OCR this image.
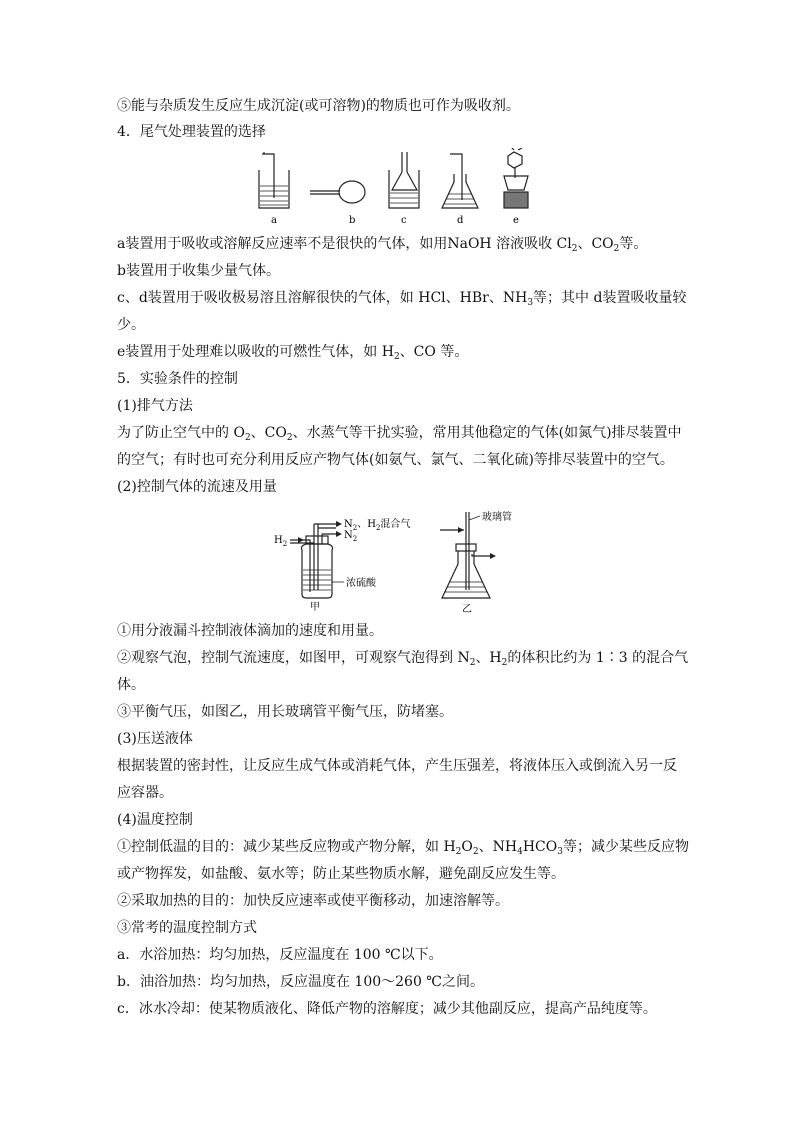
⑤能与杂质发生反应生成沉淀(或可溶物)的物质也可作为吸收剂。
4．尾气处理装置的选择
a	b	c	d	e
a装置用于吸收或溶解反应速率不是很快的气体，如用NaOH 溶液吸收 $Cl_2$、$CO_2$等。
b装置用于收集少量气体。
c、d装置用于吸收极易溶且溶解很快的气体，如 HCl、HBr、$NH_3$等；其中 d装置吸收量较
少。
e装置用于处理难以吸收的可燃性气体，如 $H_2$、CO 等。
5．实验条件的控制
(1)排气方法
为了防止空气中的 $O_2$、$CO_2$、水蒸气等干扰实验，常用其他稳定的气体(如氮气)排尽装置中
的空气；有时也可充分利用反应产物气体(如氨气、氯气、二氧化硫)等排尽装置中的空气。
(2)控制气体的流速及用量
$H_2$
$N_2$、$H_2$混合气
$N_2$
浓硫酸
甲
玻璃管
乙
①用分液漏斗控制液体滴加的速度和用量。
②观察气泡，控制气流速度，如图甲，可观察气泡得到 $N_2$、$H_2$的体积比约为 1∶3 的混合气
体。
③平衡气压，如图乙，用长玻璃管平衡气压，防堵塞。
(3)压送液体
根据装置的密封性，让反应生成气体或消耗气体，产生压强差，将液体压入或倒流入另一反
应容器。
(4)温度控制
①控制低温的目的：减少某些反应物或产物分解，如 $H_2O_2$、$NH_4HCO_3$等；减少某些反应物
或产物挥发，如盐酸、氨水等；防止某些物质水解，避免副反应发生等。
②采取加热的目的：加快反应速率或使平衡移动，加速溶解等。
③常考的温度控制方式
a．水浴加热：均匀加热，反应温度在 100 ℃以下。
b．油浴加热：均匀加热，反应温度在 100～260 ℃之间。
c．冰水冷却：使某物质液化、降低产物的溶解度；减少其他副反应，提高产品纯度等。
